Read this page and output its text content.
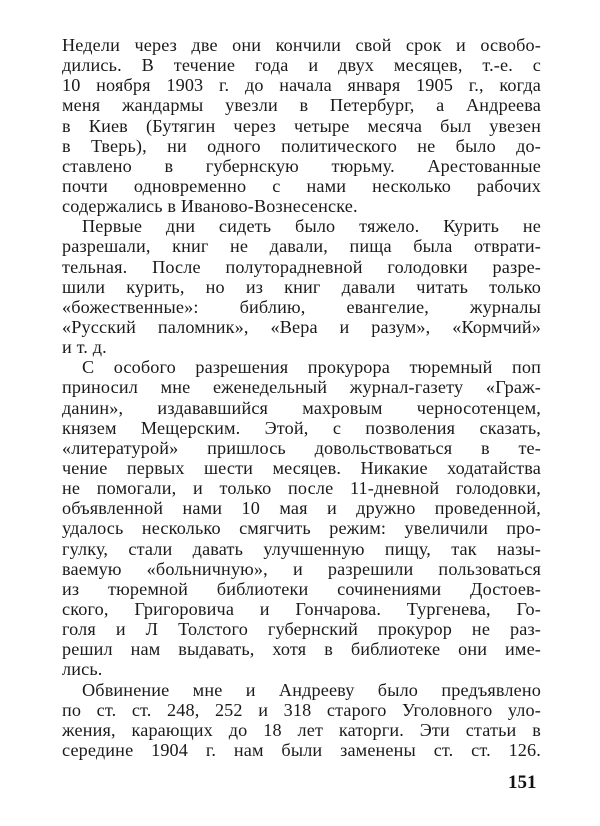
Недели через две они кончили свой срок и освобо-
дились. В течение года и двух месяцев, т.-е. с
10 ноября 1903 г. до начала января 1905 г., когда
меня жандармы увезли в Петербург, а Андреева
в Киев (Бутягин через четыре месяча был увезен
в Тверь), ни одного политического не было до-
ставлено в губернскую тюрьму. Арестованные
почти одновременно с нами несколько рабочих
содержались в Иваново-Вознесенске.
Первые дни сидеть было тяжело. Курить не
разрешали, книг не давали, пища была отврати-
тельная. После полуторадневной голодовки разре-
шили курить, но из книг давали читать только
«божественные»: библию, евангелие, журналы
«Русский паломник», «Вера и разум», «Кормчий»
и т. д.
С особого разрешения прокурора тюремный поп
приносил мне еженедельный журнал-газету «Граж-
данин», издававшийся махровым черносотенцем,
князем Мещерским. Этой, с позволения сказать,
«литературой» пришлось довольствоваться в те-
чение первых шести месяцев. Никакие ходатайства
не помогали, и только после 11-дневной голодовки,
объявленной нами 10 мая и дружно проведенной,
удалось несколько смягчить режим: увеличили про-
гулку, стали давать улучшенную пищу, так назы-
ваемую «больничную», и разрешили пользоваться
из тюремной библиотеки сочинениями Достоев-
ского, Григоровича и Гончарова. Тургенева, Го-
голя и Л Толстого губернский прокурор не раз-
решил нам выдавать, хотя в библиотеке они име-
лись.
Обвинение мне и Андрееву было предъявлено
по ст. ст. 248, 252 и 318 старого Уголовного уло-
жения, карающих до 18 лет каторги. Эти статьи в
середине 1904 г. нам были заменены ст. ст. 126.
151
